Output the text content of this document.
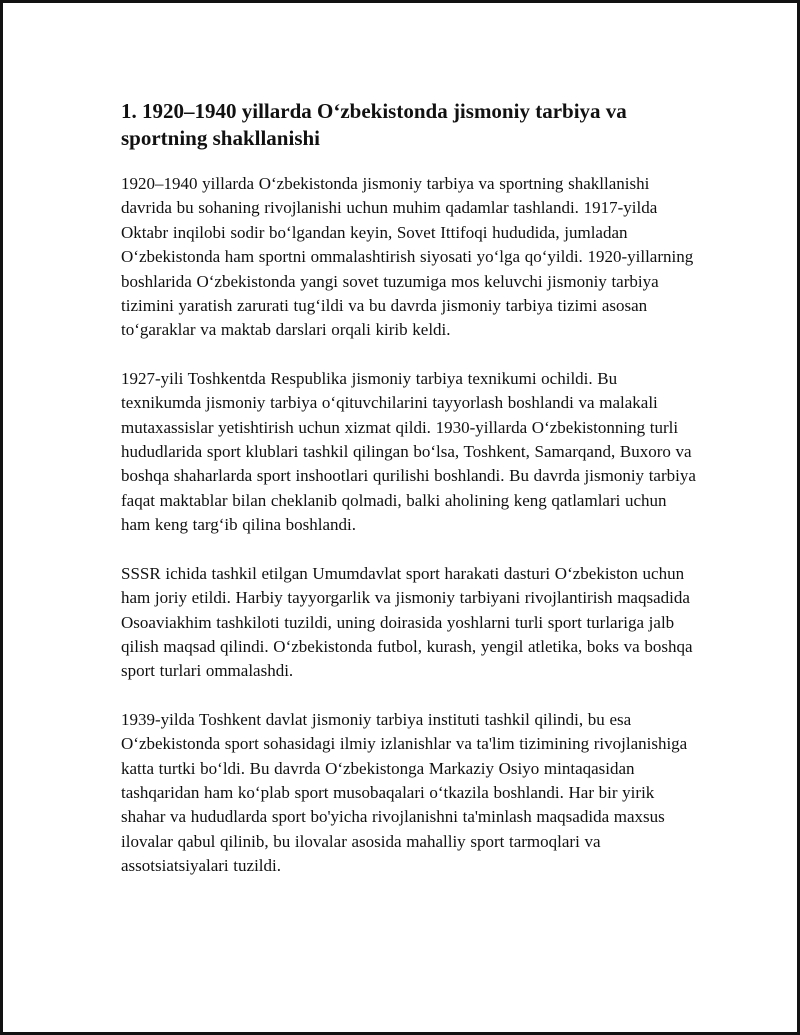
1. 1920–1940 yillarda O‘zbekistonda jismoniy tarbiya va sportning shakllanishi

1920–1940 yillarda O‘zbekistonda jismoniy tarbiya va sportning shakllanishi davrida bu sohaning rivojlanishi uchun muhim qadamlar tashlandi. 1917-yilda Oktabr inqilobi sodir bo‘lgandan keyin, Sovet Ittifoqi hududida, jumladan O‘zbekistonda ham sportni ommalashtirish siyosati yo‘lga qo‘yildi. 1920-yillarning boshlarida O‘zbekistonda yangi sovet tuzumiga mos keluvchi jismoniy tarbiya tizimini yaratish zarurati tug‘ildi va bu davrda jismoniy tarbiya tizimi asosan to‘garaklar va maktab darslari orqali kirib keldi.

1927-yili Toshkentda Respublika jismoniy tarbiya texnikumi ochildi. Bu texnikumda jismoniy tarbiya o‘qituvchilarini tayyorlash boshlandi va malakali mutaxassislar yetishtirish uchun xizmat qildi. 1930-yillarda O‘zbekistonning turli hududlarida sport klublari tashkil qilingan bo‘lsa, Toshkent, Samarqand, Buxoro va boshqa shaharlarda sport inshootlari qurilishi boshlandi. Bu davrda jismoniy tarbiya faqat maktablar bilan cheklanib qolmadi, balki aholining keng qatlamlari uchun ham keng targ‘ib qilina boshlandi.

SSSR ichida tashkil etilgan Umumdavlat sport harakati dasturi O‘zbekiston uchun ham joriy etildi. Harbiy tayyorgarlik va jismoniy tarbiyani rivojlantirish maqsadida Osoaviakhim tashkiloti tuzildi, uning doirasida yoshlarni turli sport turlariga jalb qilish maqsad qilindi. O‘zbekistonda futbol, kurash, yengil atletika, boks va boshqa sport turlari ommalashdi.

1939-yilda Toshkent davlat jismoniy tarbiya instituti tashkil qilindi, bu esa O‘zbekistonda sport sohasidagi ilmiy izlanishlar va ta'lim tizimining rivojlanishiga katta turtki bo‘ldi. Bu davrda O‘zbekistonga Markaziy Osiyo mintaqasidan tashqaridan ham ko‘plab sport musobaqalari o‘tkazila boshlandi. Har bir yirik shahar va hududlarda sport bo'yicha rivojlanishni ta'minlash maqsadida maxsus ilovalar qabul qilinib, bu ilovalar asosida mahalliy sport tarmoqlari va assotsiatsiyalari tuzildi.
